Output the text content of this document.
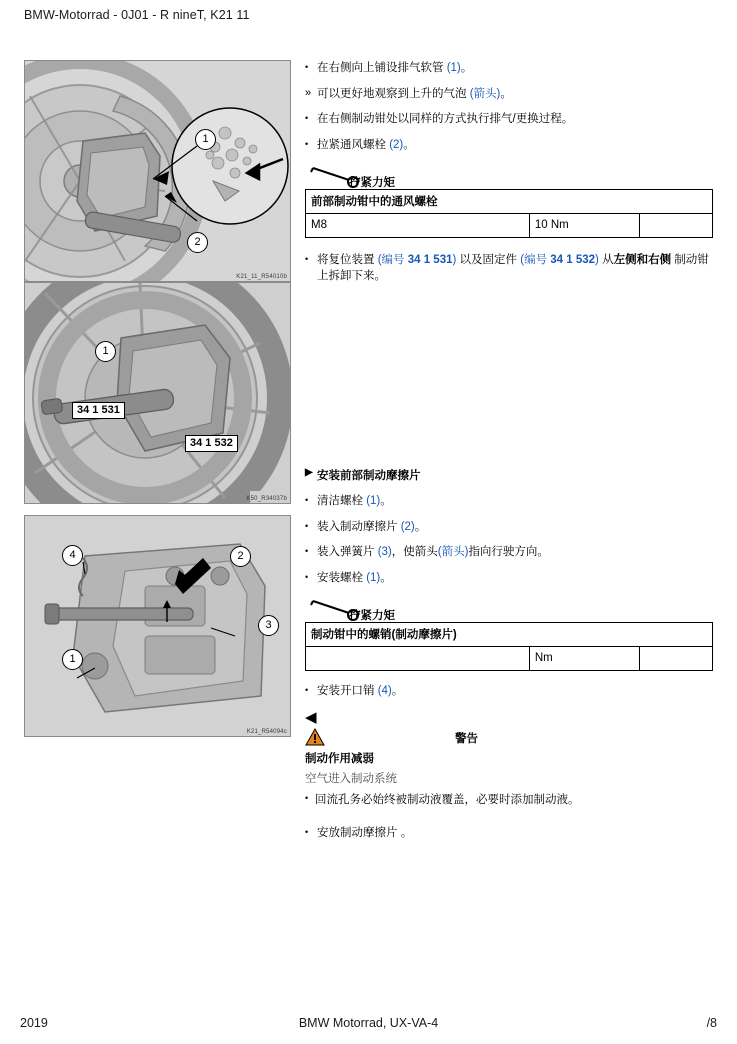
BMW-Motorrad - 0J01 - R nineT, K21 11
1
2
K21_11_R54010b
1
34 1 531
34 1 532
K50_R34037b
2
3
4
1
K21_R54094c
• 在右侧向上铺设排气软管 (1)。
» 可以更好地观察到上升的气泡 (箭头)。
• 在右侧制动钳处以同样的方式执行排气/更换过程。
• 拉紧通风螺栓 (2)。
拧紧力矩
前部制动钳中的通风螺栓
M8	10 Nm	
• 将复位装置 (编号 34 1 531) 以及固定件 (编号 34 1 532) 从左侧和右侧 制动钳上拆卸下来。
▶ 安装前部制动摩擦片
• 清洁螺栓 (1)。
• 装入制动摩擦片 (2)。
• 装入弹簧片 (3)，使箭头(箭头)指向行驶方向。
• 安装螺栓 (1)。
拧紧力矩
制动钳中的螺销(制动摩擦片)
	Nm	
• 安装开口销 (4)。
◀
警告
制动作用减弱
空气进入制动系统
• 回流孔务必始终被制动液覆盖，必要时添加制动液。
• 安放制动摩擦片 。
2019	BMW Motorrad, UX-VA-4	/8
